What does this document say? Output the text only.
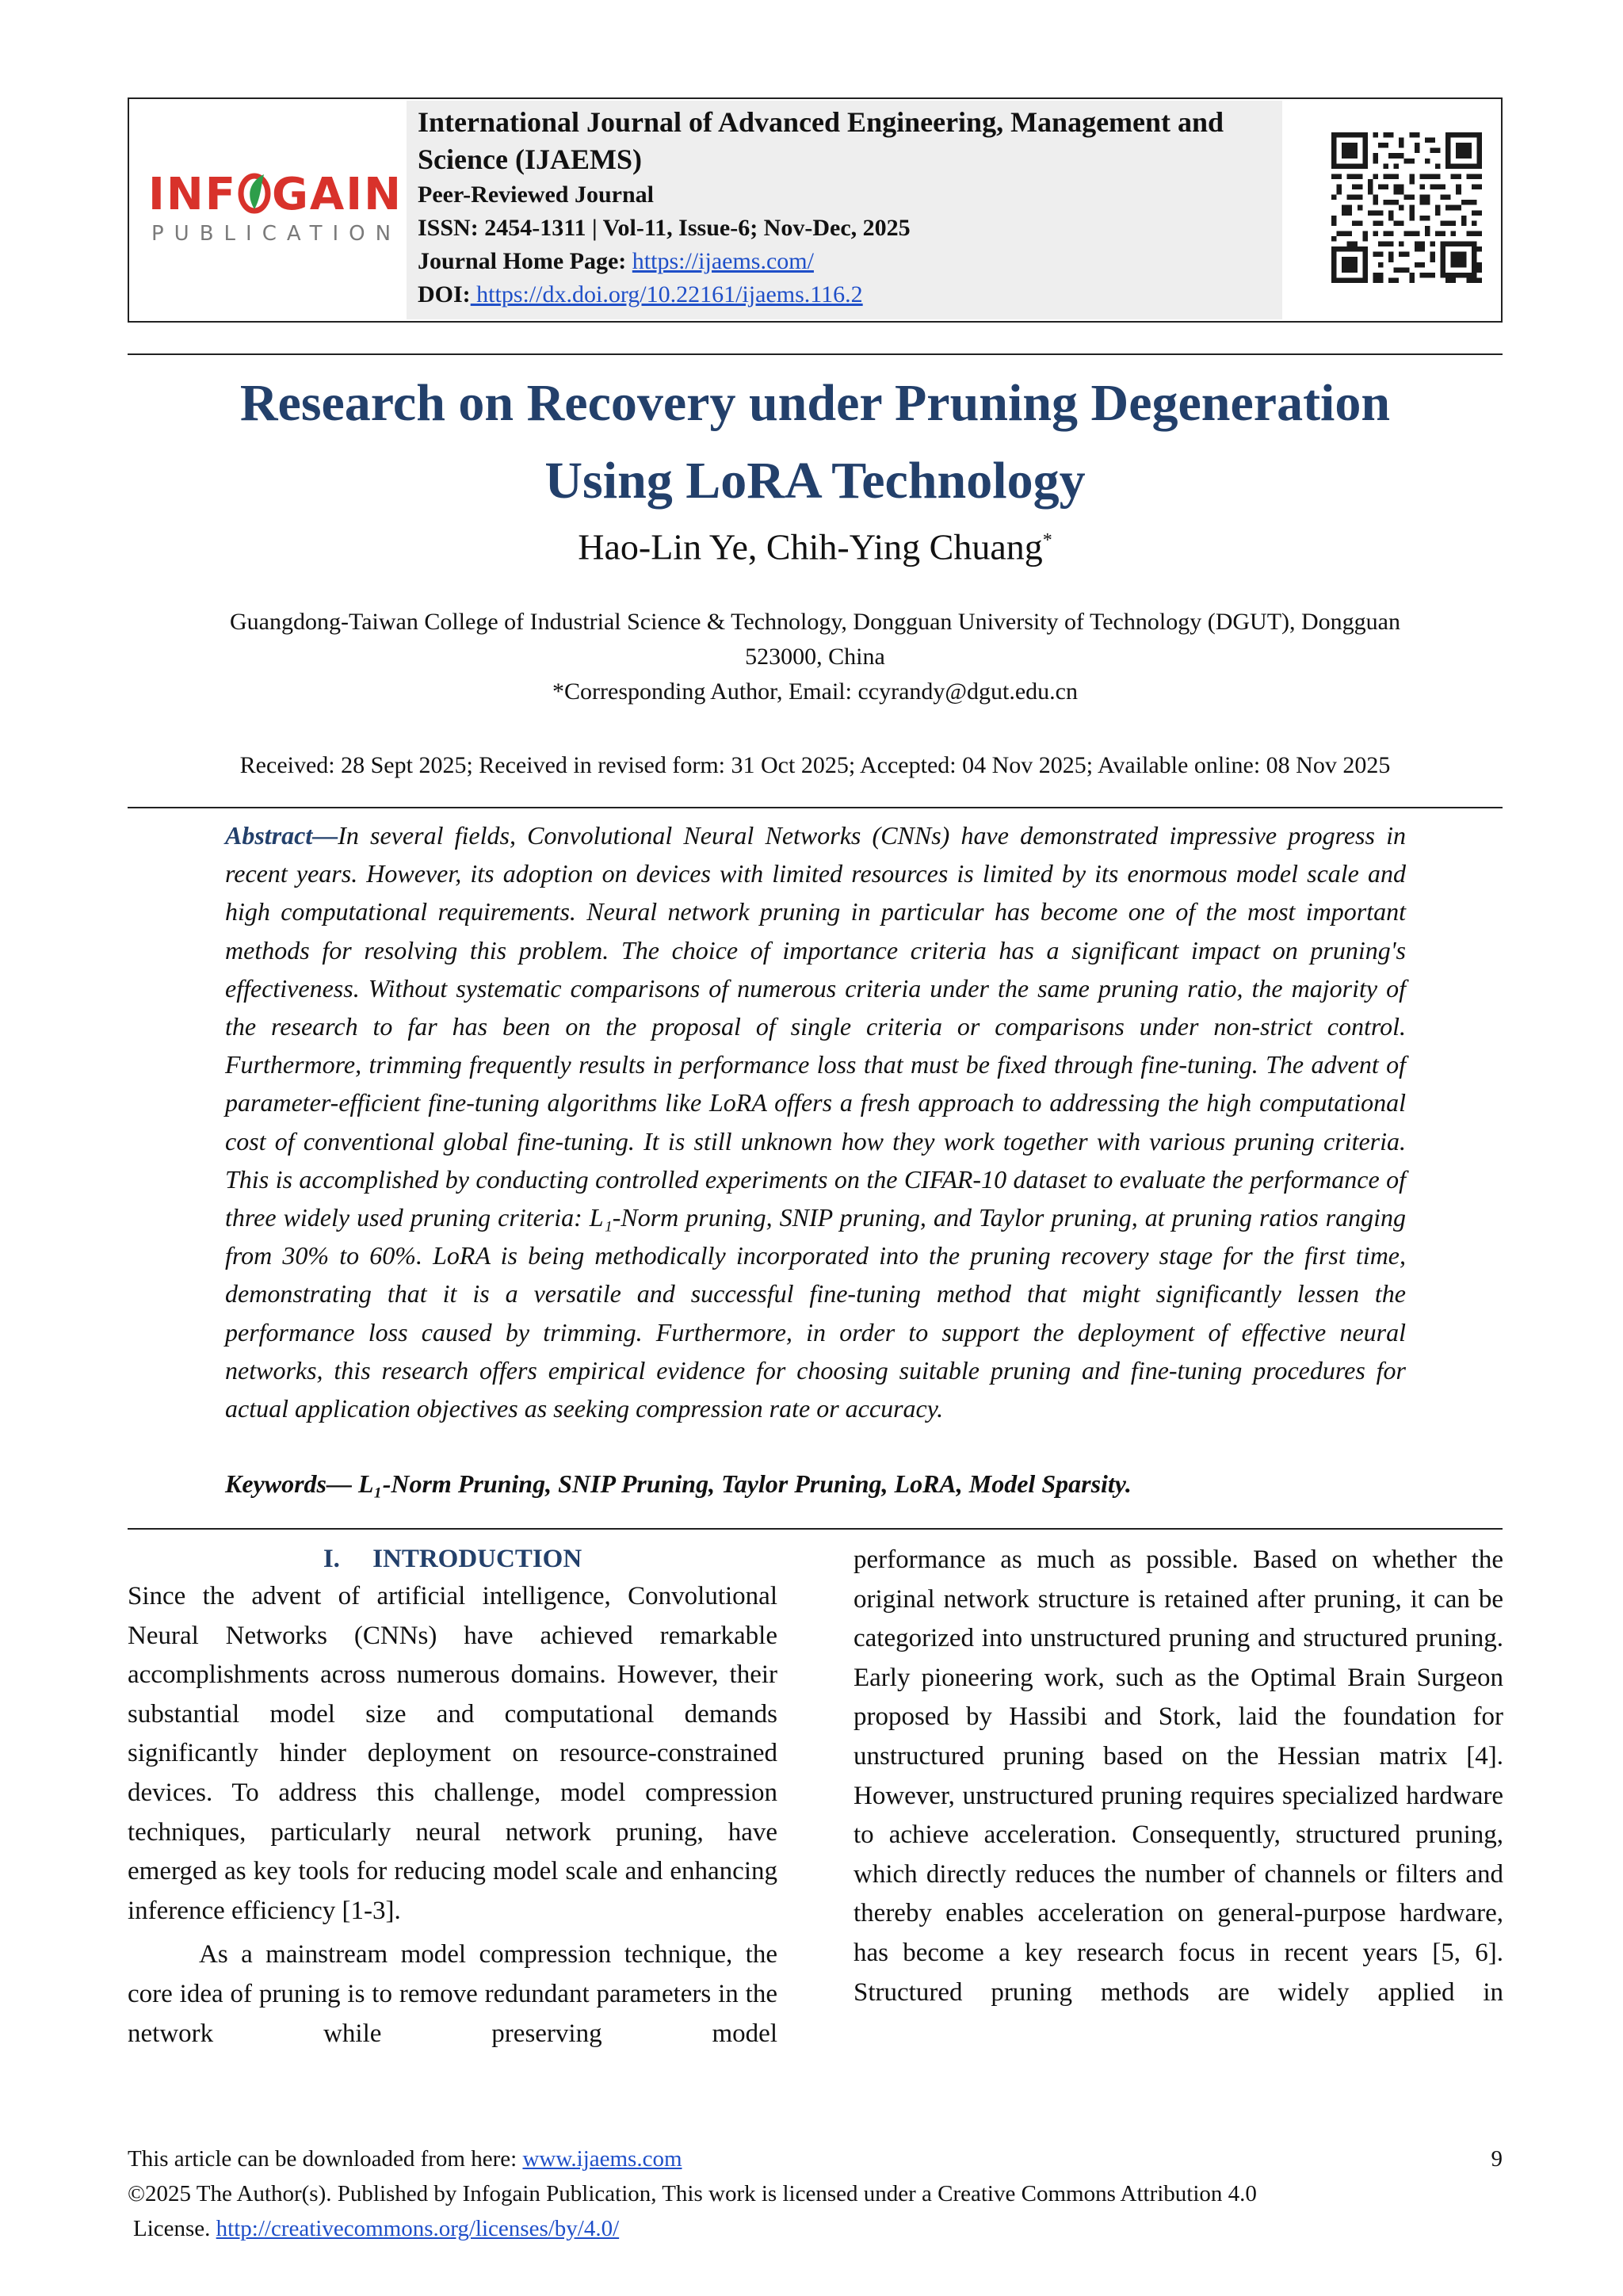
INF GAIN
PUBLICATION
International Journal of Advanced Engineering, Management and Science (IJAEMS)
Peer-Reviewed Journal
ISSN: 2454-1311 | Vol-11, Issue-6; Nov-Dec, 2025
Journal Home Page: https://ijaems.com/
DOI: https://dx.doi.org/10.22161/ijaems.116.2
Research on Recovery under Pruning Degeneration
Using LoRA Technology
Hao-Lin Ye, Chih-Ying Chuang*
Guangdong-Taiwan College of Industrial Science & Technology, Dongguan University of Technology (DGUT), Dongguan
523000, China
*Corresponding Author, Email: ccyrandy@dgut.edu.cn
Received: 28 Sept 2025; Received in revised form: 31 Oct 2025; Accepted: 04 Nov 2025; Available online: 08 Nov 2025
Abstract—In several fields, Convolutional Neural Networks (CNNs) have demonstrated impressive progress in recent years. However, its adoption on devices with limited resources is limited by its enormous model scale and high computational requirements. Neural network pruning in particular has become one of the most important methods for resolving this problem. The choice of importance criteria has a significant impact on pruning's effectiveness. Without systematic comparisons of numerous criteria under the same pruning ratio, the majority of the research to far has been on the proposal of single criteria or comparisons under non-strict control. Furthermore, trimming frequently results in performance loss that must be fixed through fine-tuning. The advent of parameter-efficient fine-tuning algorithms like LoRA offers a fresh approach to addressing the high computational cost of conventional global fine-tuning. It is still unknown how they work together with various pruning criteria. This is accomplished by conducting controlled experiments on the CIFAR-10 dataset to evaluate the performance of three widely used pruning criteria: L₁-Norm pruning, SNIP pruning, and Taylor pruning, at pruning ratios ranging from 30% to 60%. LoRA is being methodically incorporated into the pruning recovery stage for the first time, demonstrating that it is a versatile and successful fine-tuning method that might significantly lessen the performance loss caused by trimming. Furthermore, in order to support the deployment of effective neural networks, this research offers empirical evidence for choosing suitable pruning and fine-tuning procedures for actual application objectives as seeking compression rate or accuracy.
Keywords— L₁-Norm Pruning, SNIP Pruning, Taylor Pruning, LoRA, Model Sparsity.
I.     INTRODUCTION

Since the advent of artificial intelligence, Convolutional Neural Networks (CNNs) have achieved remarkable accomplishments across numerous domains. However, their substantial model size and computational demands significantly hinder deployment on resource-constrained devices. To address this challenge, model compression techniques, particularly neural network pruning, have emerged as key tools for reducing model scale and enhancing inference efficiency [1-3].

As a mainstream model compression technique, the core idea of pruning is to remove redundant parameters in the network while preserving model

performance as much as possible. Based on whether the original network structure is retained after pruning, it can be categorized into unstructured pruning and structured pruning. Early pioneering work, such as the Optimal Brain Surgeon proposed by Hassibi and Stork, laid the foundation for unstructured pruning based on the Hessian matrix [4]. However, unstructured pruning requires specialized hardware to achieve acceleration. Consequently, structured pruning, which directly reduces the number of channels or filters and thereby enables acceleration on general-purpose hardware, has become a key research focus in recent years [5, 6]. Structured pruning methods are widely applied in

This article can be downloaded from here: www.ijaems.com	9
©2025 The Author(s). Published by Infogain Publication, This work is licensed under a Creative Commons Attribution 4.0
License. http://creativecommons.org/licenses/by/4.0/
